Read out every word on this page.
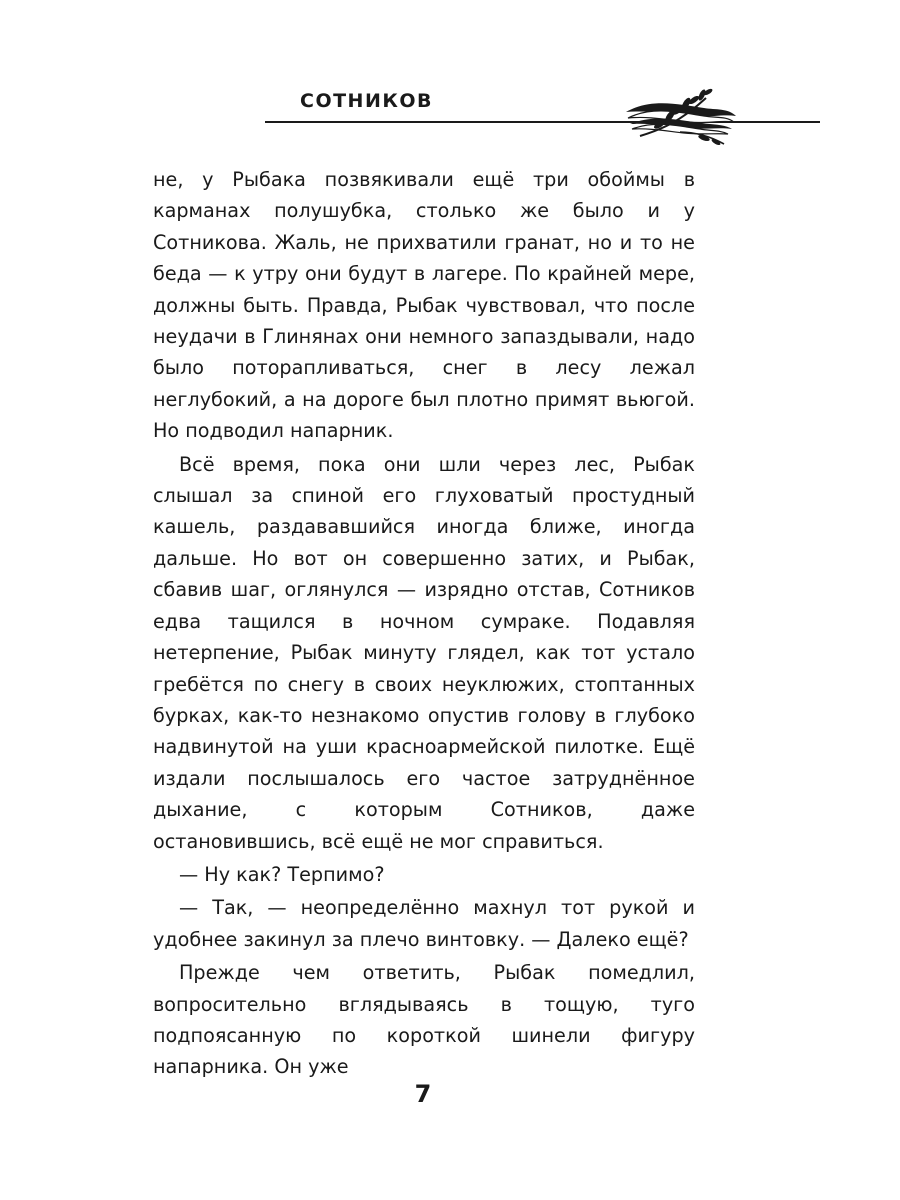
СОТНИКОВ

не, у Рыбака позвякивали ещё три обоймы в карманах полушубка, столько же было и у Сотникова. Жаль, не прихватили гранат, но и то не беда — к утру они будут в лагере. По крайней мере, должны быть. Правда, Рыбак чувствовал, что после неудачи в Глинянах они немного запаздывали, надо было поторапливаться, снег в лесу лежал неглубокий, а на дороге был плотно примят вьюгой. Но подводил напарник.

Всё время, пока они шли через лес, Рыбак слышал за спиной его глуховатый простудный кашель, раздававшийся иногда ближе, иногда дальше. Но вот он совершенно затих, и Рыбак, сбавив шаг, оглянулся — изрядно отстав, Сотников едва тащился в ночном сумраке. Подавляя нетерпение, Рыбак минуту глядел, как тот устало гребётся по снегу в своих неуклюжих, стоптанных бурках, как-то незнакомо опустив голову в глубоко надвинутой на уши красноармейской пилотке. Ещё издали послышалось его частое затруднённое дыхание, с которым Сотников, даже остановившись, всё ещё не мог справиться.

— Ну как? Терпимо?

— Так, — неопределённо махнул тот рукой и удобнее закинул за плечо винтовку. — Далеко ещё?

Прежде чем ответить, Рыбак помедлил, вопросительно вглядываясь в тощую, туго подпоясанную по короткой шинели фигуру напарника. Он уже

7
